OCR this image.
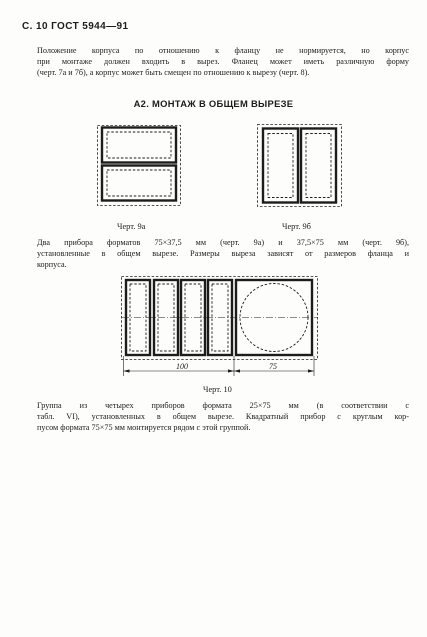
С. 10 ГОСТ 5944—91

Положение корпуса по отношению к фланцу не нормируется, но корпус
при монтаже должен входить в вырез. Фланец может иметь различную форму
(черт. 7а и 7б), а корпус может быть смещен по отношению к вырезу (черт. 8).

А2. МОНТАЖ В ОБЩЕМ ВЫРЕЗЕ
100	75
Черт. 9а	Черт. 9б

Два прибора форматов 75×37,5 мм (черт. 9а) и 37,5×75 мм (черт. 9б),
установленные в общем вырезе. Размеры выреза зависят от размеров фланца и
корпуса.

Черт. 10

Группа из четырех приборов формата 25×75 мм (в соответствии с
табл. VI), установленных в общем вырезе. Квадратный прибор с круглым кор-
пусом формата 75×75 мм монтируется рядом с этой группой.
